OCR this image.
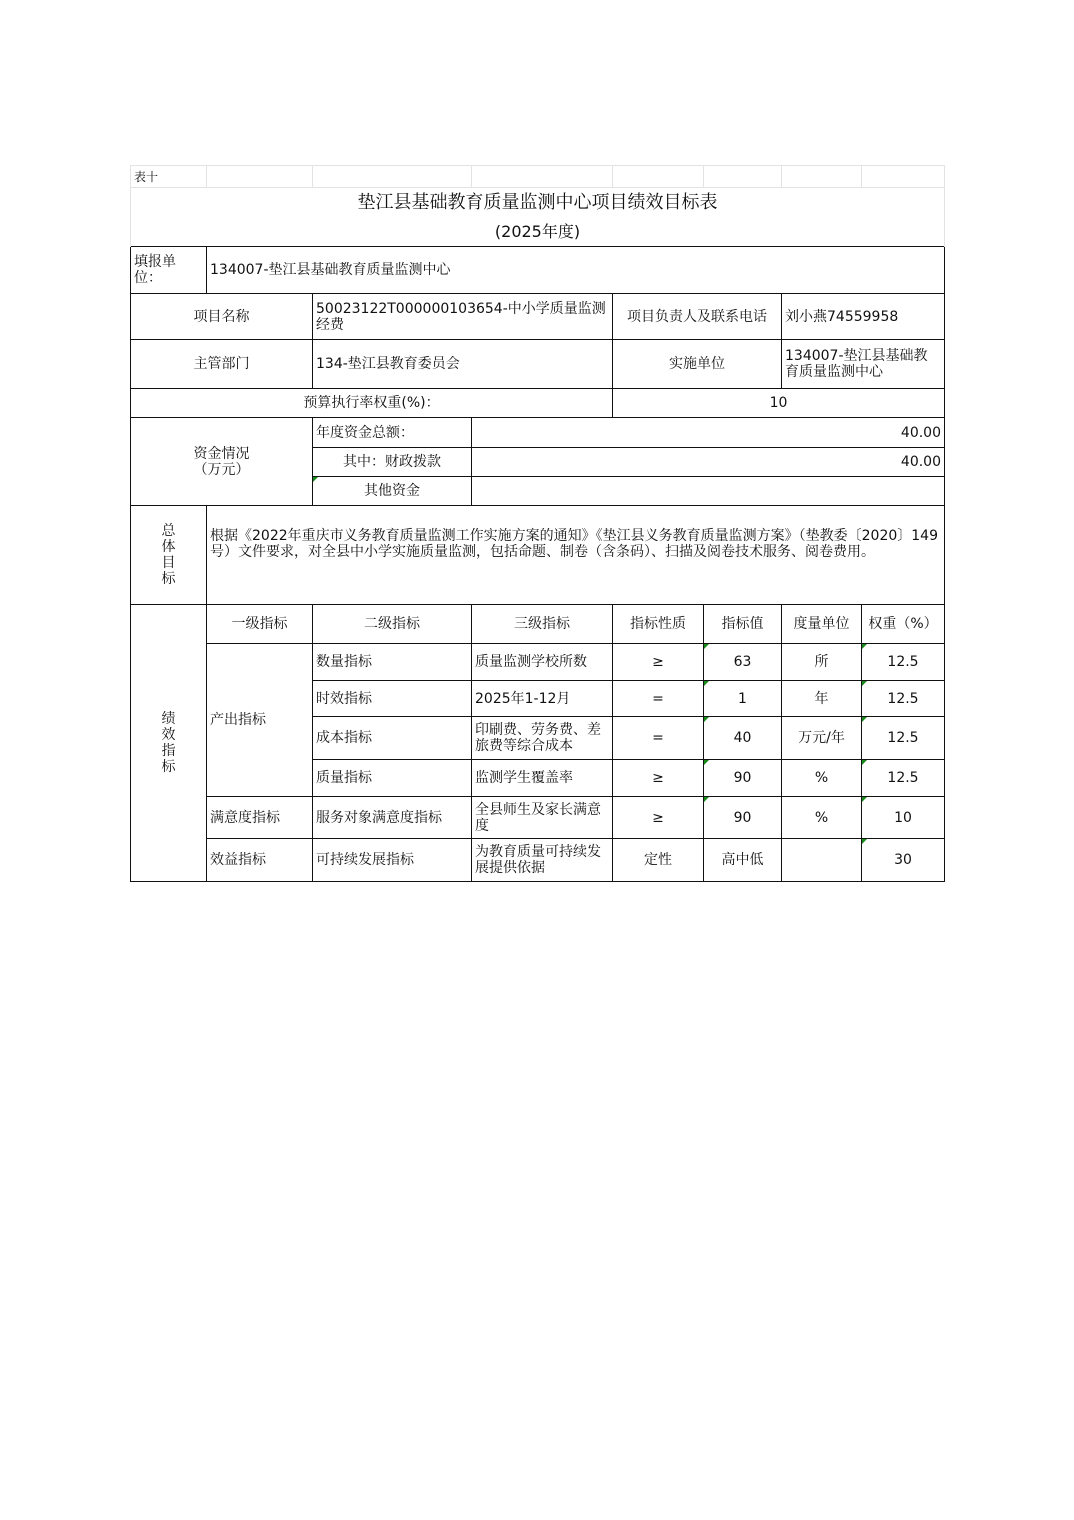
表十							
垫江县基础教育质量监测中心项目绩效目标表							
(2025年度)							
填报单位：	134007-垫江县基础教育质量监测中心						
项目名称		50023122T000000103654-中小学质量监测经费		项目负责人及联系电话		刘小燕74559958	
主管部门		134-垫江县教育委员会		实施单位		134007-垫江县基础教育质量监测中心	
预算执行率权重(%)：				10			
资金情况（万元）		年度资金总额：	40.00				
		其中：财政拨款	40.00				
		其他资金					

总体目标	根据《2022年重庆市义务教育质量监测工作实施方案的通知》《垫江县义务教育质量监测方案》（垫教委〔2020〕149号）文件要求，对全县中小学实施质量监测，包括命题、制卷（含条码）、扫描及阅卷技术服务、阅卷费用。						

绩效指标	一级指标	二级指标	三级指标	指标性质	指标值	度量单位	权重（%）
	产出指标	数量指标	质量监测学校所数	≥	63	所	12.5
		时效指标	2025年1-12月	=	1	年	12.5
		成本指标	印刷费、劳务费、差旅费等综合成本	=	40	万元/年	12.5
		质量指标	监测学生覆盖率	≥	90	%	12.5
	满意度指标	服务对象满意度指标	全县师生及家长满意度	≥	90	%	10
	效益指标	可持续发展指标	为教育质量可持续发展提供依据	定性	高中低		30
